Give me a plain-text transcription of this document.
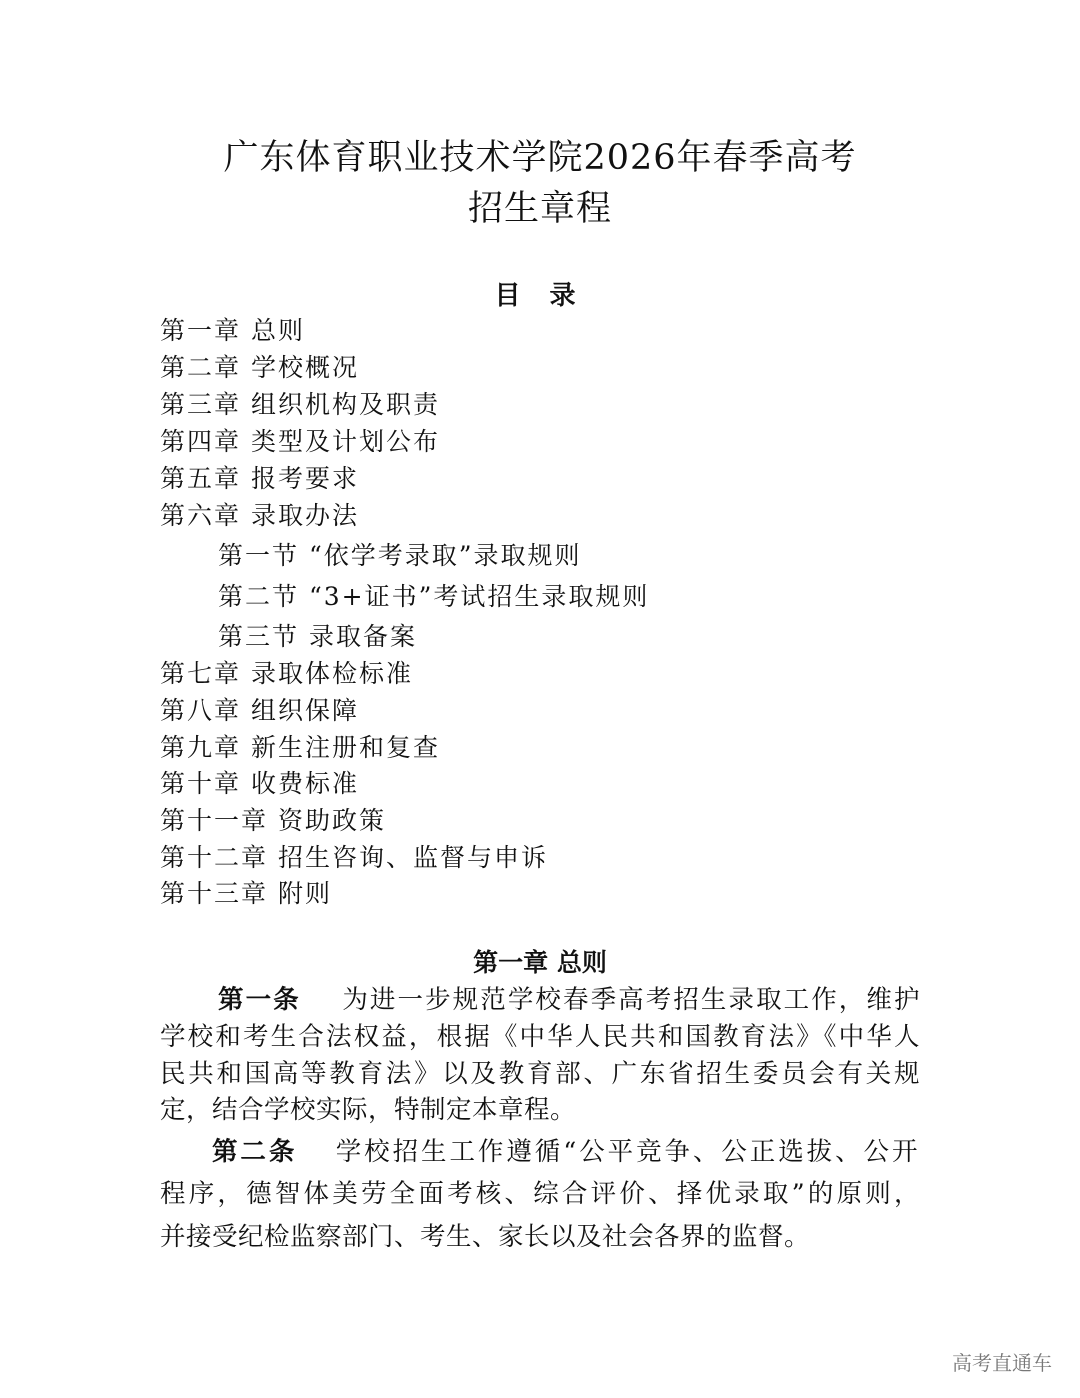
广东体育职业技术学院2026年春季高考
招生章程
目 录
第一章 总则
第二章 学校概况
第三章 组织机构及职责
第四章 类型及计划公布
第五章 报考要求
第六章 录取办法
第一节 “依学考录取”录取规则
第二节 “3+证书”考试招生录取规则
第三节 录取备案
第七章 录取体检标准
第八章 组织保障
第九章 新生注册和复查
第十章 收费标准
第十一章 资助政策
第十二章 招生咨询、监督与申诉
第十三章 附则
第一章 总则
第一条 为进一步规范学校春季高考招生录取工作，维护
学校和考生合法权益，根据《中华人民共和国教育法》《中华人
民共和国高等教育法》以及教育部、广东省招生委员会有关规
定，结合学校实际，特制定本章程。
第二条 学校招生工作遵循“公平竞争、公正选拔、公开
程序，德智体美劳全面考核、综合评价、择优录取”的原则，
并接受纪检监察部门、考生、家长以及社会各界的监督。
高考直通车
